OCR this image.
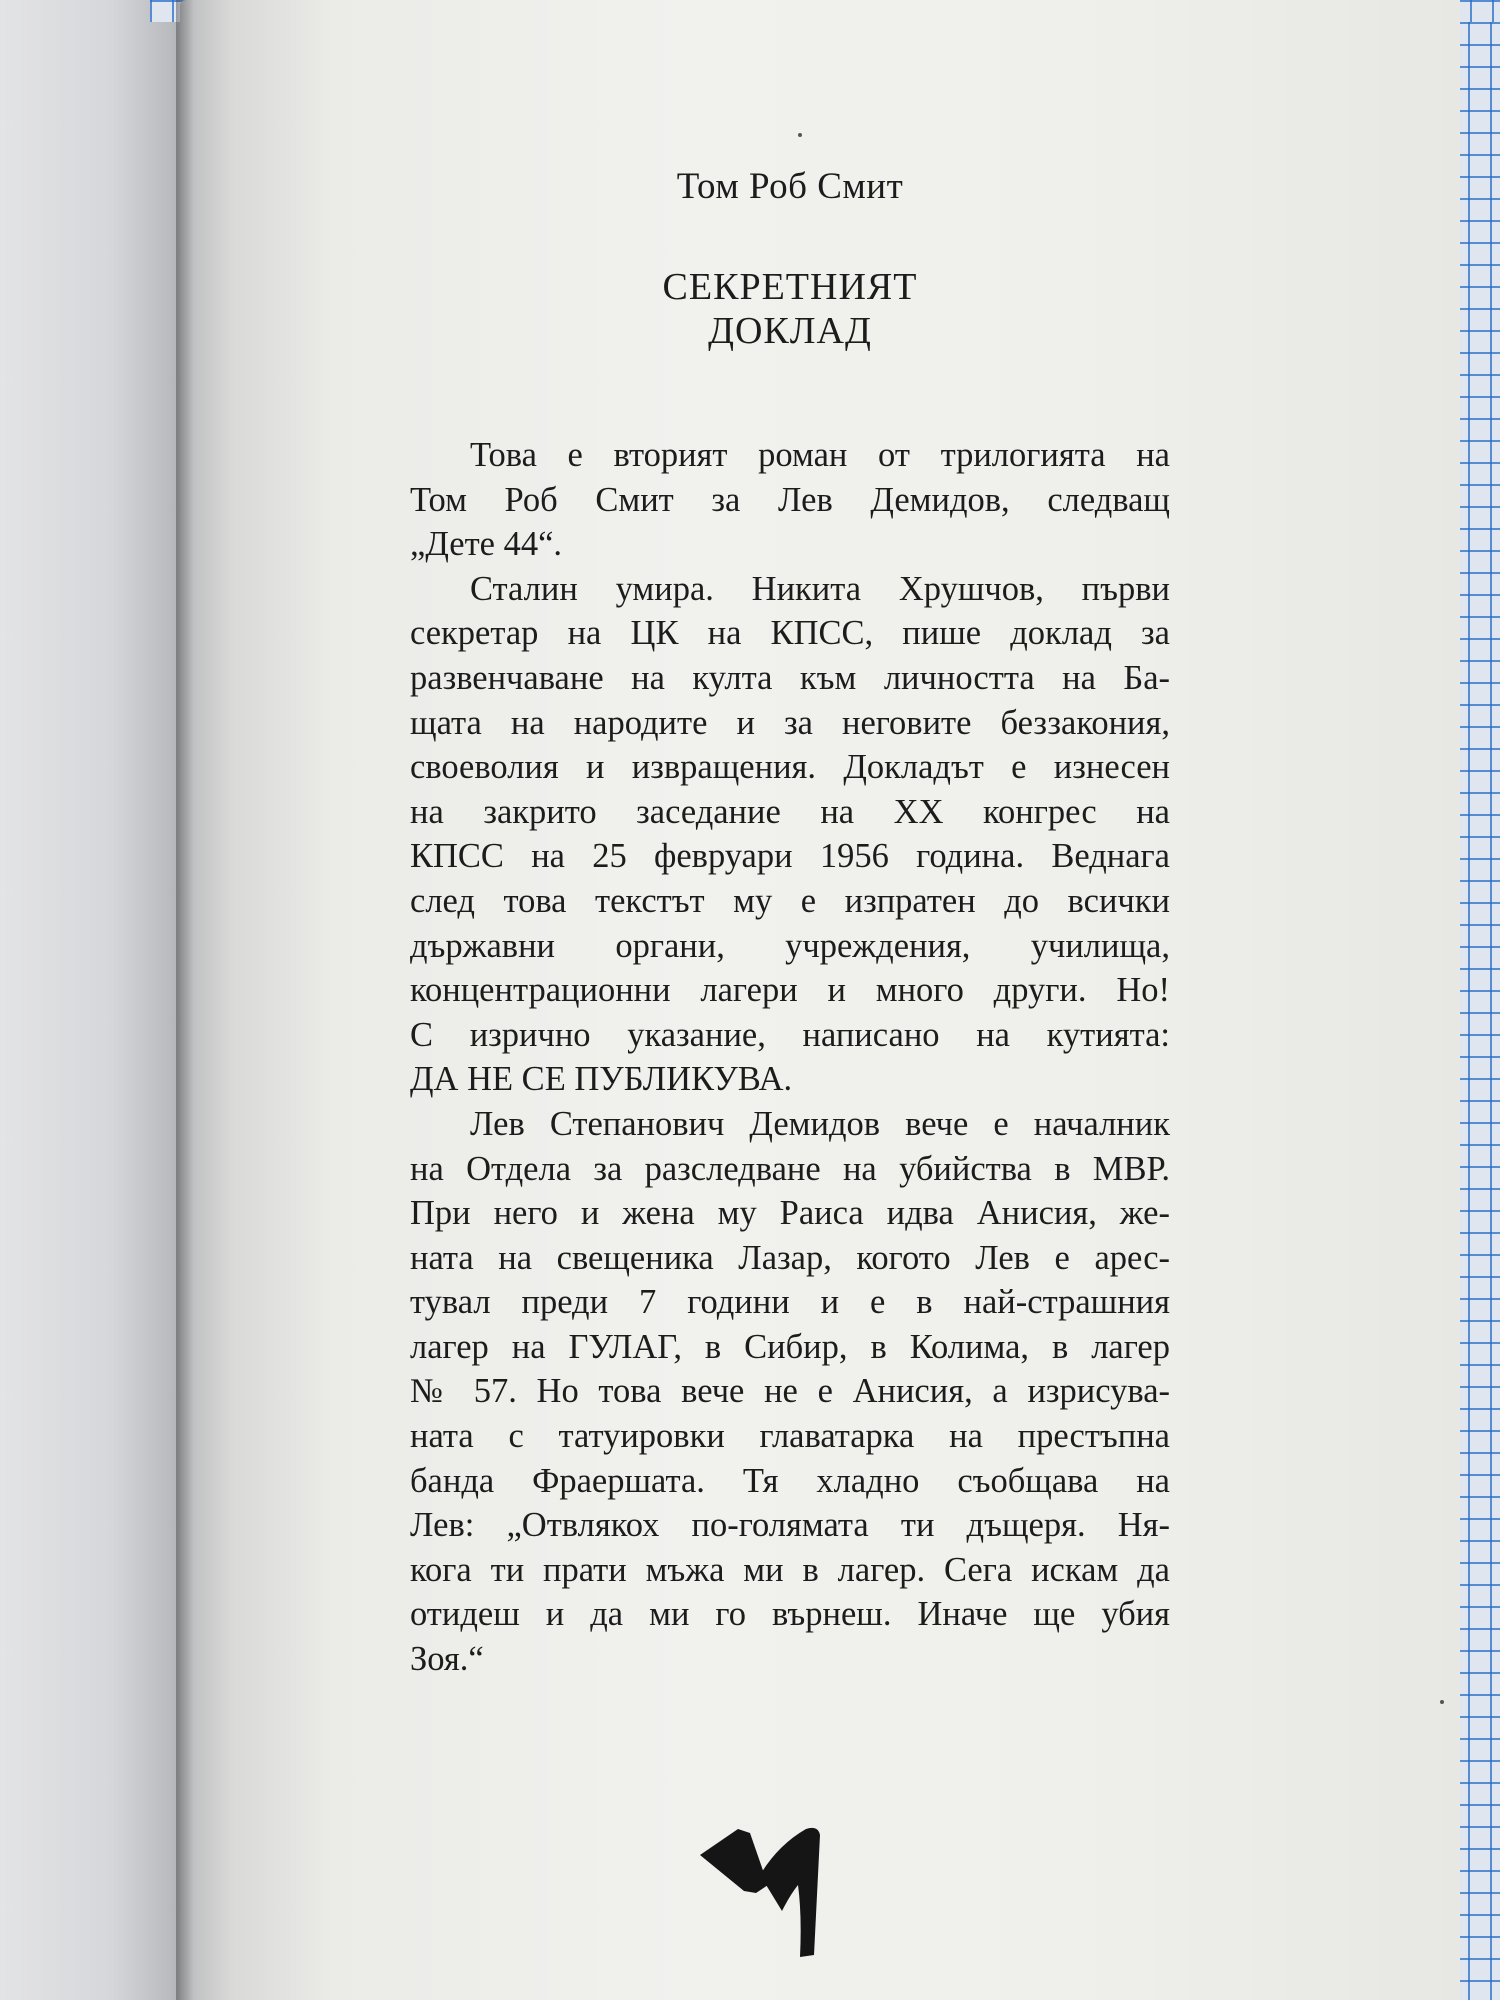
Том Роб Смит
СЕКРЕТНИЯТ
ДОКЛАД
Това е вторият роман от трилогията на
Том Роб Смит за Лев Демидов, следващ
„Дете 44“.
Сталин умира. Никита Хрушчов, първи
секретар на ЦК на КПСС, пише доклад за
развенчаване на култа към личността на Ба-
щата на народите и за неговите беззакония,
своеволия и извращения. Докладът е изнесен
на закрито заседание на XX конгрес на
КПСС на 25 февруари 1956 година. Веднага
след това текстът му е изпратен до всички
държавни органи, учреждения, училища,
концентрационни лагери и много други. Но!
С изрично указание, написано на кутията:
ДА НЕ СЕ ПУБЛИКУВА.
Лев Степанович Демидов вече е началник
на Отдела за разследване на убийства в МВР.
При него и жена му Раиса идва Анисия, же-
ната на свещеника Лазар, когото Лев е арес-
тувал преди 7 години и е в най-страшния
лагер на ГУЛАГ, в Сибир, в Колима, в лагер
№ 57. Но това вече не е Анисия, а изрисува-
ната с татуировки главатарка на престъпна
банда Фраершата. Тя хладно съобщава на
Лев: „Отвлякох по-голямата ти дъщеря. Ня-
кога ти прати мъжа ми в лагер. Сега искам да
отидеш и да ми го върнеш. Иначе ще убия
Зоя.“
